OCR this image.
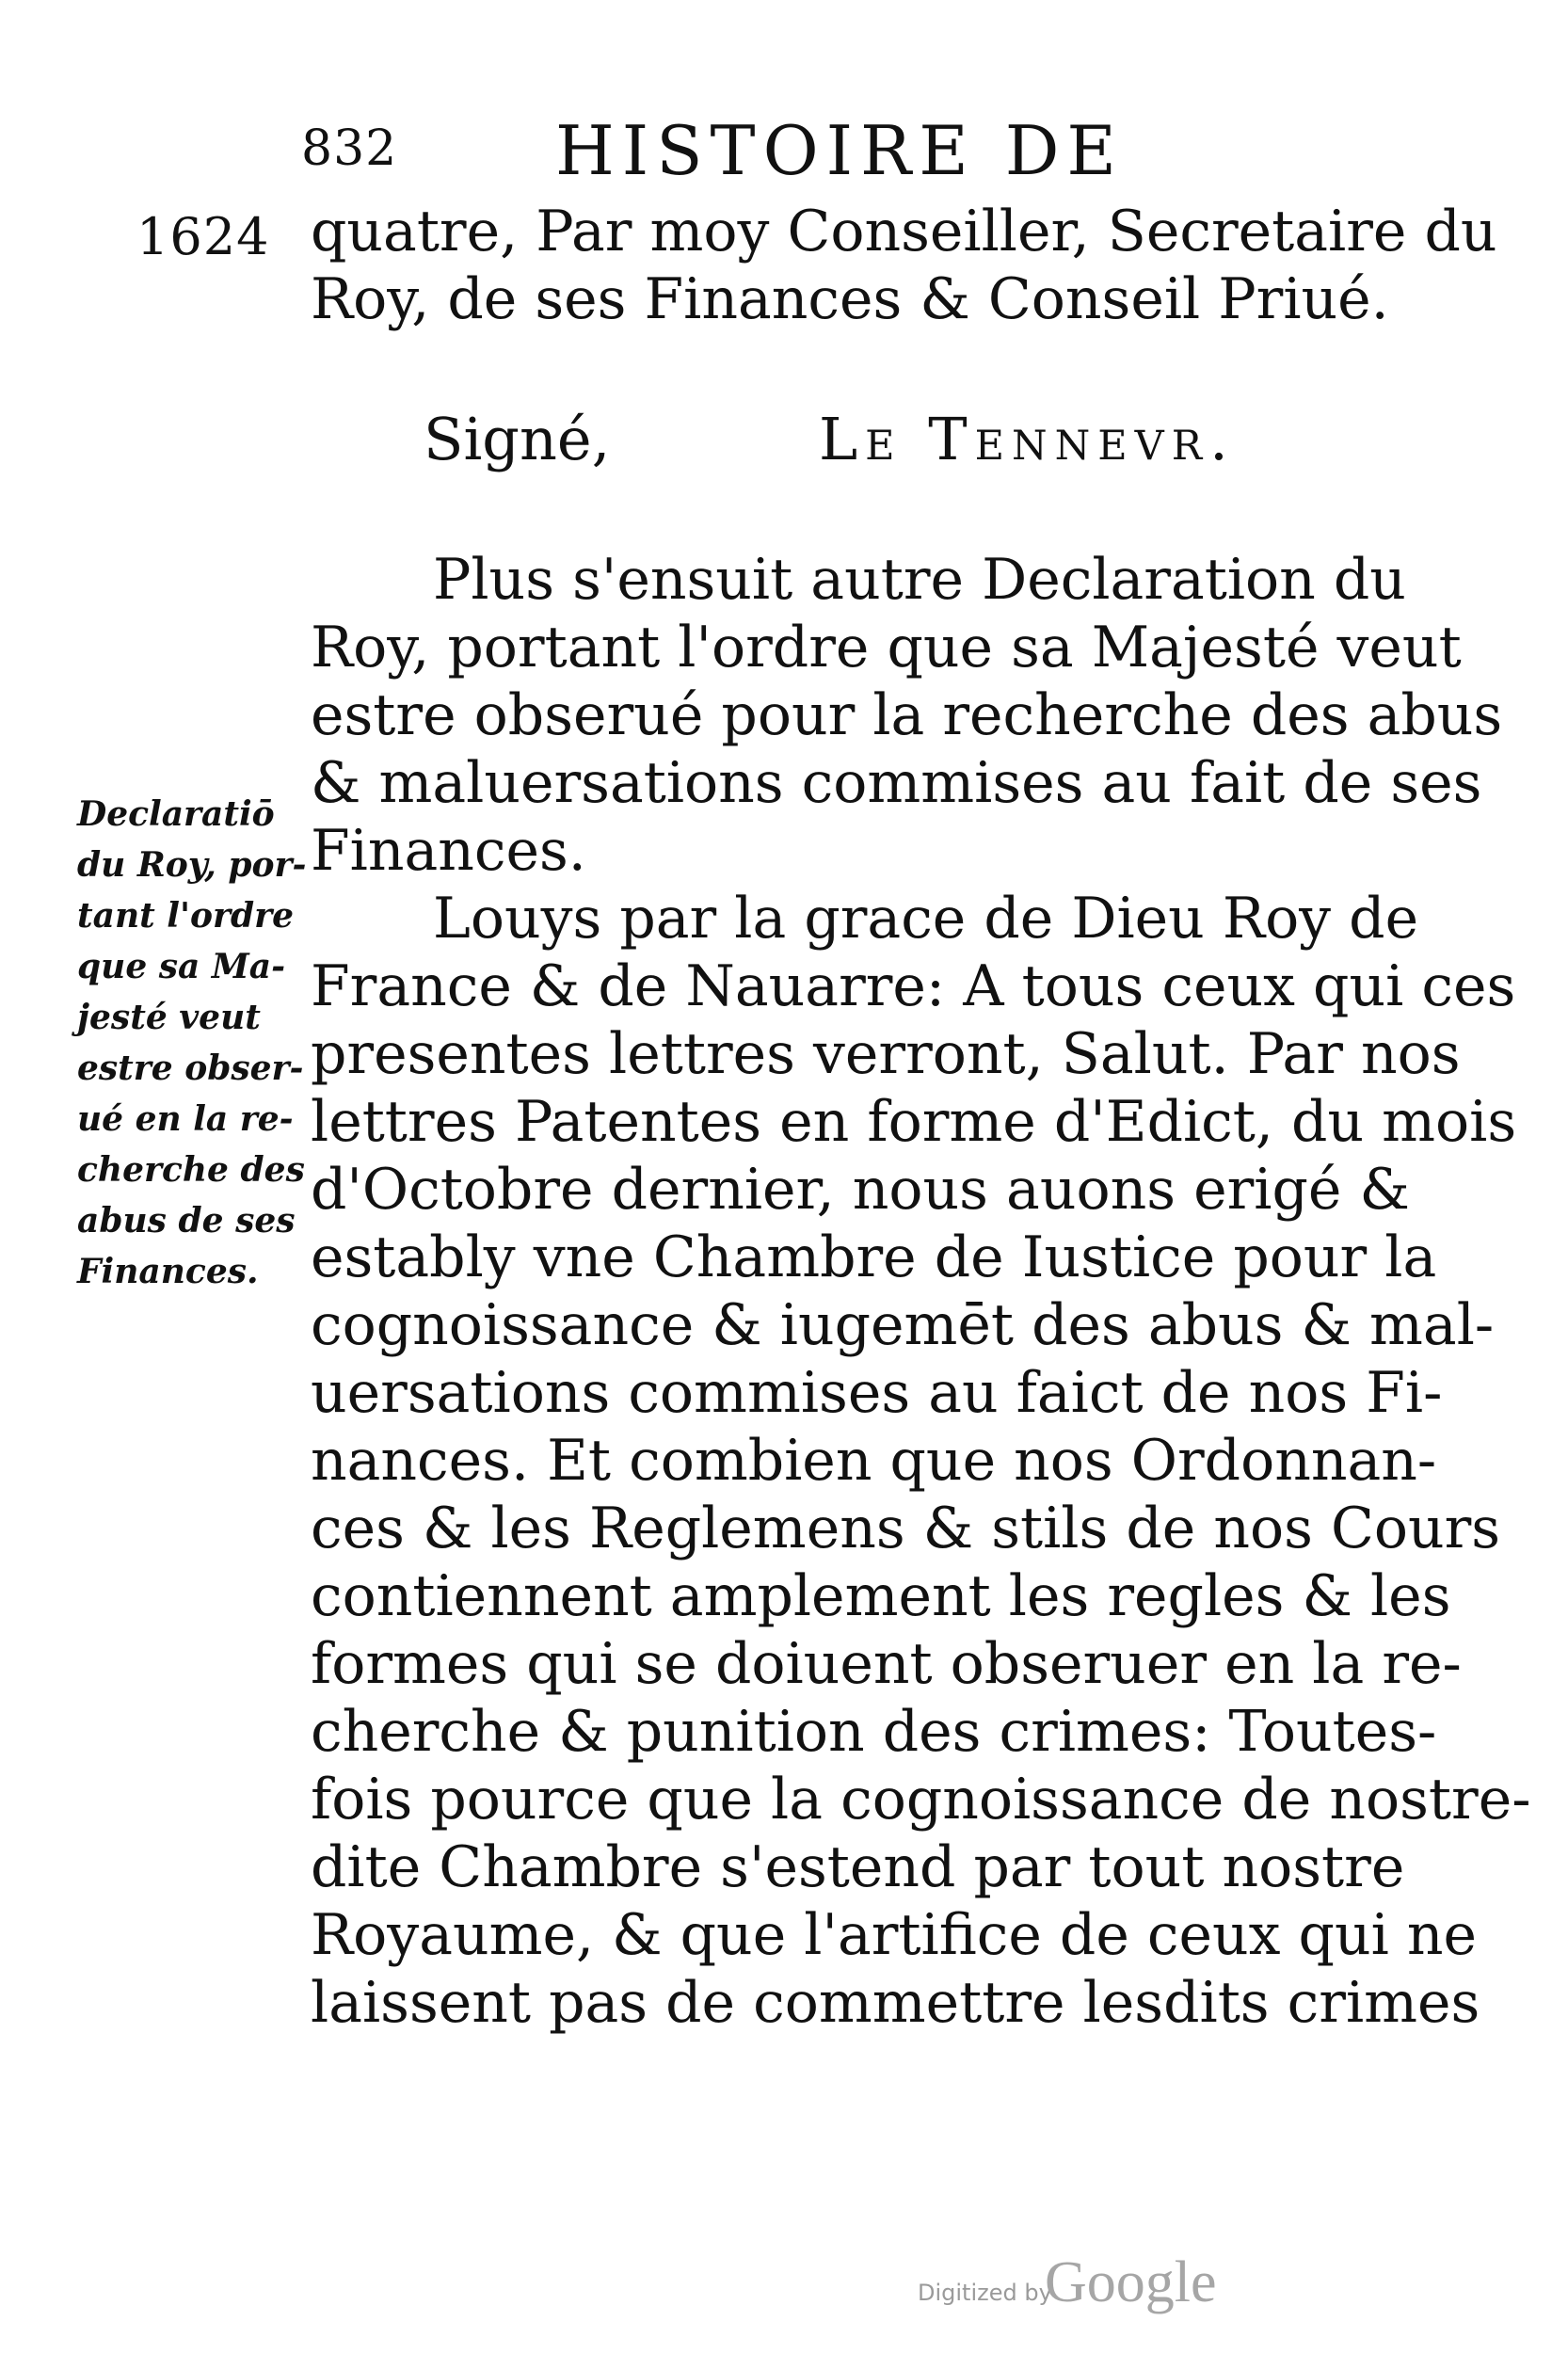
832 HISTOIRE DE
1624 quatre, Par moy Conseiller, Secretaire du
Roy, de ses Finances & Conseil Priué.
Signé,	Le Tennevr.
Plus s'ensuit autre Declaration du
Roy, portant l'ordre que sa Majesté veut
estre obserué pour la recherche des abus
& maluersations commises au fait de ses
Finances.
Louys par la grace de Dieu Roy de
France & de Nauarre: A tous ceux qui ces
presentes lettres verront, Salut. Par nos
lettres Patentes en forme d'Edict, du mois
d'Octobre dernier, nous auons erigé &
estably vne Chambre de Iustice pour la
cognoissance & iugemēt des abus & mal-
uersations commises au faict de nos Fi-
nances. Et combien que nos Ordonnan-
ces & les Reglemens & stils de nos Cours
contiennent amplement les regles & les
formes qui se doiuent obseruer en la re-
cherche & punition des crimes: Toutes-
fois pource que la cognoissance de nostre-
dite Chambre s'estend par tout nostre
Royaume, & que l'artifice de ceux qui ne
laissent pas de commettre lesdits crimes
Declaratiō
du Roy, por-
tant l'ordre
que sa Ma-
jesté veut
estre obser-
ué en la re-
cherche des
abus de ses
Finances.
Digitized by
Google
